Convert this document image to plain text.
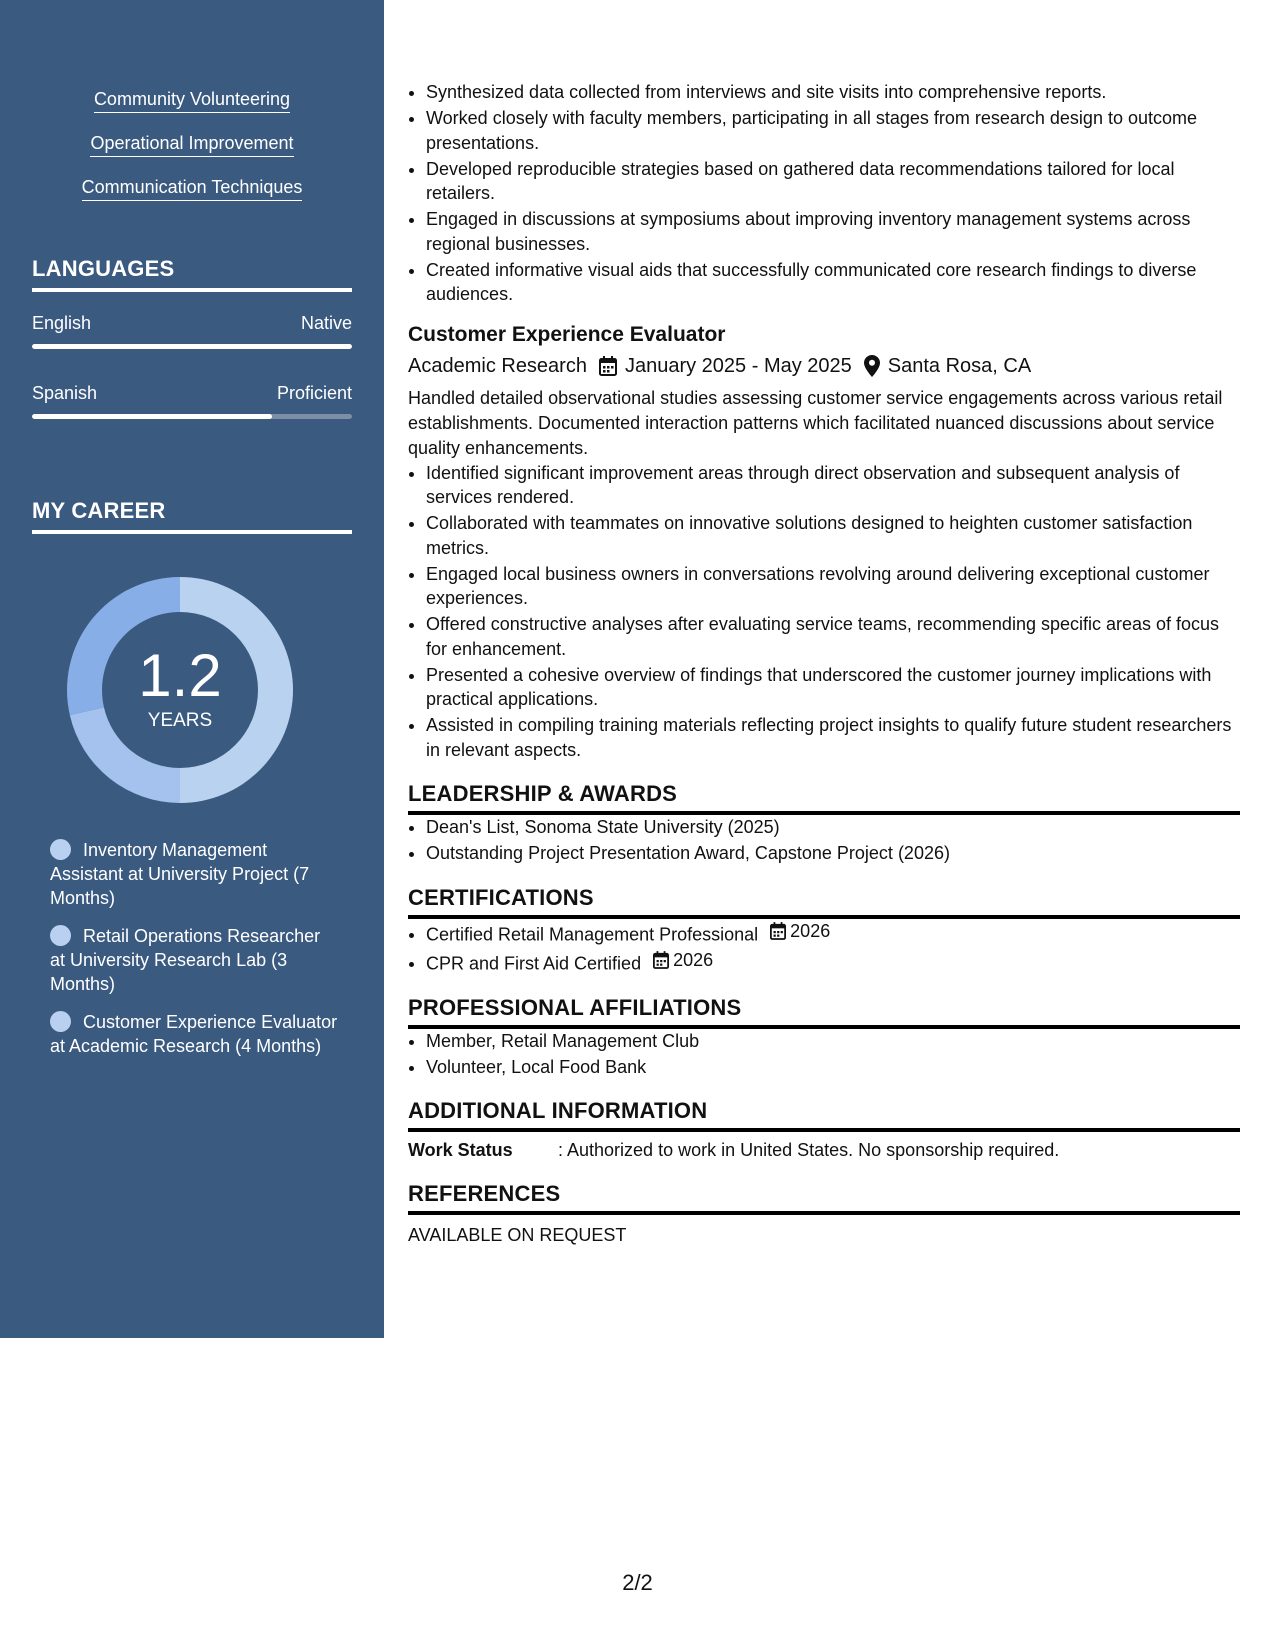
Community Volunteering
Operational Improvement
Communication Techniques
LANGUAGES
English	Native
Spanish	Proficient
MY CAREER
1.2
YEARS
Inventory Management Assistant at University Project (7 Months)
Retail Operations Researcher at University Research Lab (3 Months)
Customer Experience Evaluator at Academic Research (4 Months)
• Synthesized data collected from interviews and site visits into comprehensive reports.
• Worked closely with faculty members, participating in all stages from research design to outcome presentations.
• Developed reproducible strategies based on gathered data recommendations tailored for local retailers.
• Engaged in discussions at symposiums about improving inventory management systems across regional businesses.
• Created informative visual aids that successfully communicated core research findings to diverse audiences.
Customer Experience Evaluator
Academic Research January 2025 - May 2025 Santa Rosa, CA
Handled detailed observational studies assessing customer service engagements across various retail establishments. Documented interaction patterns which facilitated nuanced discussions about service quality enhancements.
• Identified significant improvement areas through direct observation and subsequent analysis of services rendered.
• Collaborated with teammates on innovative solutions designed to heighten customer satisfaction metrics.
• Engaged local business owners in conversations revolving around delivering exceptional customer experiences.
• Offered constructive analyses after evaluating service teams, recommending specific areas of focus for enhancement.
• Presented a cohesive overview of findings that underscored the customer journey implications with practical applications.
• Assisted in compiling training materials reflecting project insights to qualify future student researchers in relevant aspects.
LEADERSHIP & AWARDS
• Dean's List, Sonoma State University (2025)
• Outstanding Project Presentation Award, Capstone Project (2026)
CERTIFICATIONS
• Certified Retail Management Professional 2026
• CPR and First Aid Certified 2026
PROFESSIONAL AFFILIATIONS
• Member, Retail Management Club
• Volunteer, Local Food Bank
ADDITIONAL INFORMATION
Work Status	: Authorized to work in United States. No sponsorship required.
REFERENCES
AVAILABLE ON REQUEST
2/2
